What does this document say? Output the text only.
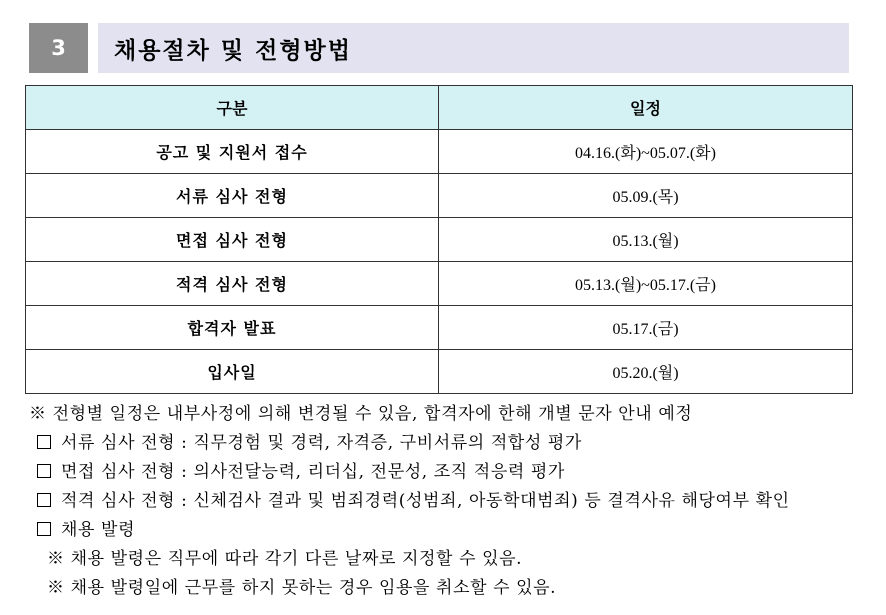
3	채용절차 및 전형방법
구분	일정
공고 및 지원서 접수	04.16.(화)~05.07.(화)
서류 심사 전형	05.09.(목)
면접 심사 전형	05.13.(월)
적격 심사 전형	05.13.(월)~05.17.(금)
합격자 발표	05.17.(금)
입사일	05.20.(월)
※ 전형별 일정은 내부사정에 의해 변경될 수 있음, 합격자에 한해 개별 문자 안내 예정
서류 심사 전형 : 직무경험 및 경력, 자격증, 구비서류의 적합성 평가
면접 심사 전형 : 의사전달능력, 리더십, 전문성, 조직 적응력 평가
적격 심사 전형 : 신체검사 결과 및 범죄경력(성범죄, 아동학대범죄) 등 결격사유 해당여부 확인
채용 발령
※ 채용 발령은 직무에 따라 각기 다른 날짜로 지정할 수 있음.
※ 채용 발령일에 근무를 하지 못하는 경우 임용을 취소할 수 있음.
